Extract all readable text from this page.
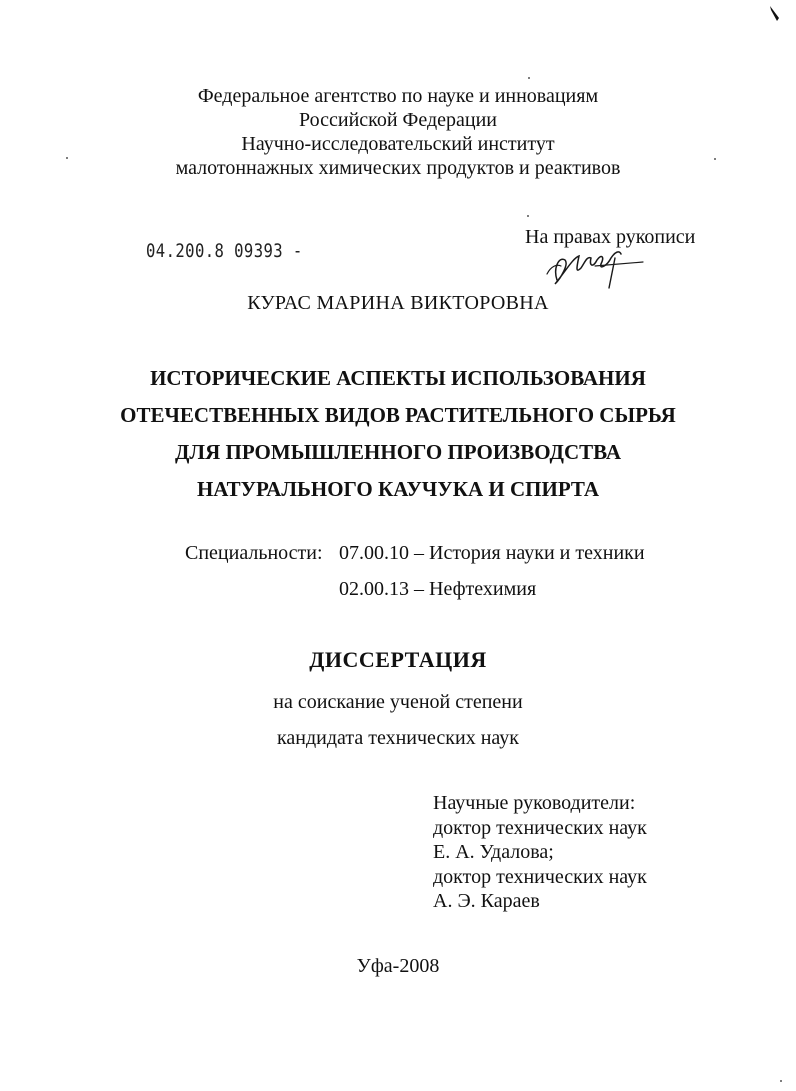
Федеральное агентство по науке и инновациям
Российской Федерации
Научно-исследовательский институт
малотоннажных химических продуктов и реактивов
04.200.8 09393 -
На правах рукописи
КУРАС МАРИНА ВИКТОРОВНА
ИСТОРИЧЕСКИЕ АСПЕКТЫ ИСПОЛЬЗОВАНИЯ
ОТЕЧЕСТВЕННЫХ ВИДОВ РАСТИТЕЛЬНОГО СЫРЬЯ
ДЛЯ ПРОМЫШЛЕННОГО ПРОИЗВОДСТВА
НАТУРАЛЬНОГО КАУЧУКА И СПИРТА
Специальности: 07.00.10 – История науки и техники
02.00.13 – Нефтехимия
ДИССЕРТАЦИЯ
на соискание ученой степени
кандидата технических наук
Научные руководители:
доктор технических наук
Е. А. Удалова;
доктор технических наук
А. Э. Караев
Уфа-2008
